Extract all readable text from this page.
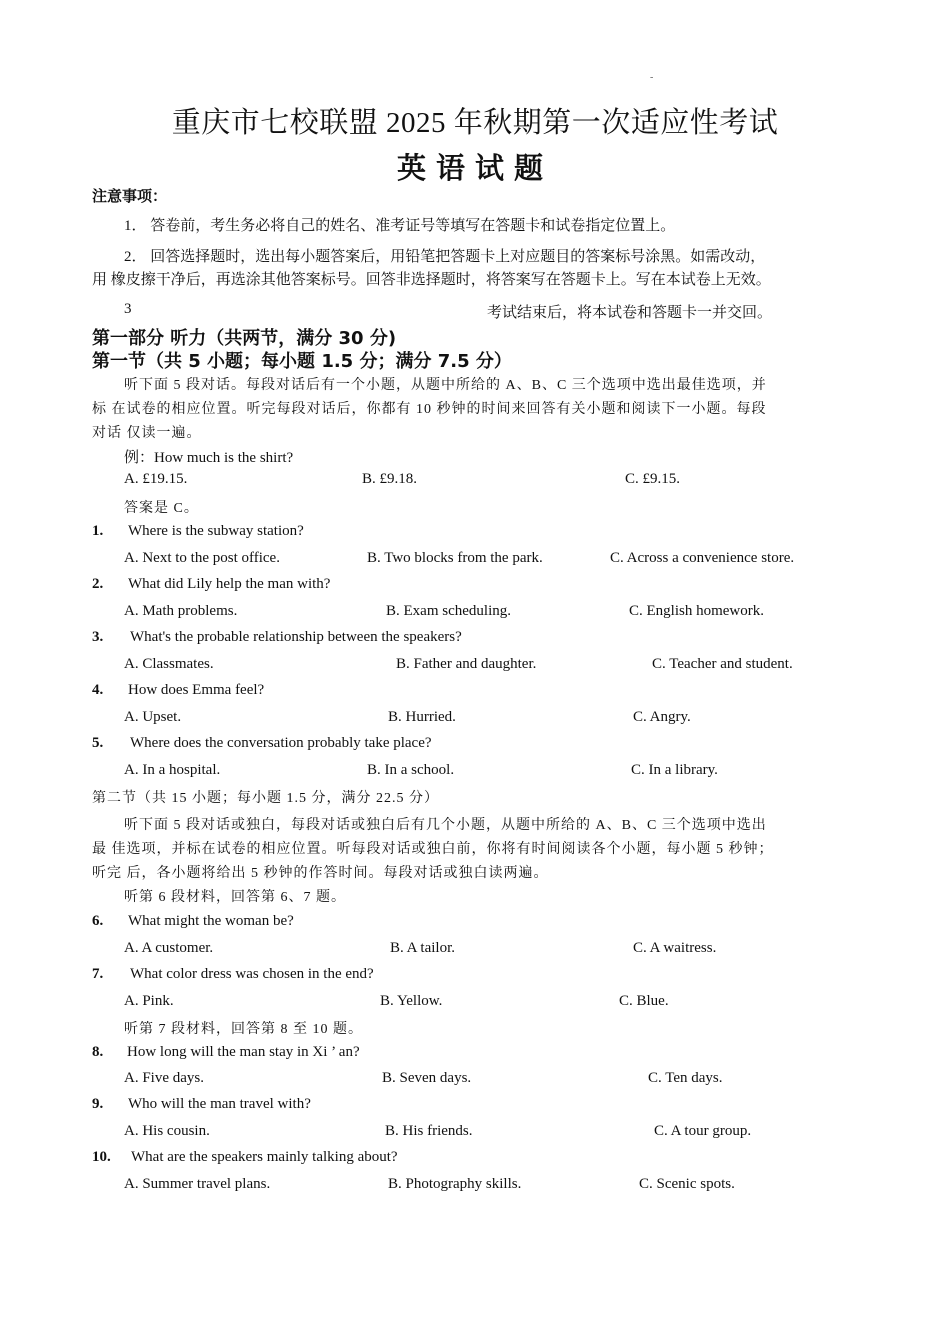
-
重庆市七校联盟 2025 年秋期第一次适应性考试
英语试题
注意事项：
1． 答卷前，考生务必将自己的姓名、准考证号等填写在答题卡和试卷指定位置上。
2． 回答选择题时，选出每小题答案后，用铅笔把答题卡上对应题目的答案标号涂黑。如需改动，
用 橡皮擦干净后，再选涂其他答案标号。回答非选择题时，将答案写在答题卡上。写在本试卷上无效。
3	考试结束后，将本试卷和答题卡一并交回。
第一部分 听力（共两节，满分 30 分)
第一节（共 5 小题；每小题 1.5 分；满分 7.5 分）
听下面 5 段对话。每段对话后有一个小题，从题中所给的 A、B、C 三个选项中选出最佳选项，并
标 在试卷的相应位置。听完每段对话后，你都有 10 秒钟的时间来回答有关小题和阅读下一小题。每段
对话 仅读一遍。
例：How much is the shirt?
A. £19.15.	B. £9.18.	C. £9.15.
答案是 C。
1. Where is the subway station?
A. Next to the post office.	B. Two blocks from the park.	C. Across a convenience store.
2. What did Lily help the man with?
A. Math problems.	B. Exam scheduling.	C. English homework.
3. What's the probable relationship between the speakers?
A. Classmates.	B. Father and daughter.	C. Teacher and student.
4. How does Emma feel?
A. Upset.	B. Hurried.	C. Angry.
5. Where does the conversation probably take place?
A. In a hospital.	B. In a school.	C. In a library.
第二节（共 15 小题；每小题 1.5 分，满分 22.5 分）
听下面 5 段对话或独白，每段对话或独白后有几个小题，从题中所给的 A、B、C 三个选项中选出
最 佳选项，并标在试卷的相应位置。听每段对话或独白前，你将有时间阅读各个小题，每小题 5 秒钟；
听完 后，各小题将给出 5 秒钟的作答时间。每段对话或独白读两遍。
听第 6 段材料，回答第 6、7 题。
6. What might the woman be?
A. A customer.	B. A tailor.	C. A waitress.
7. What color dress was chosen in the end?
A. Pink.	B. Yellow.	C. Blue.
听第 7 段材料，回答第 8 至 10 题。
8. How long will the man stay in Xi ’ an?
A. Five days.	B. Seven days.	C. Ten days.
9. Who will the man travel with?
A. His cousin.	B. His friends.	C. A tour group.
10. What are the speakers mainly talking about?
A. Summer travel plans.	B. Photography skills.	C. Scenic spots.
